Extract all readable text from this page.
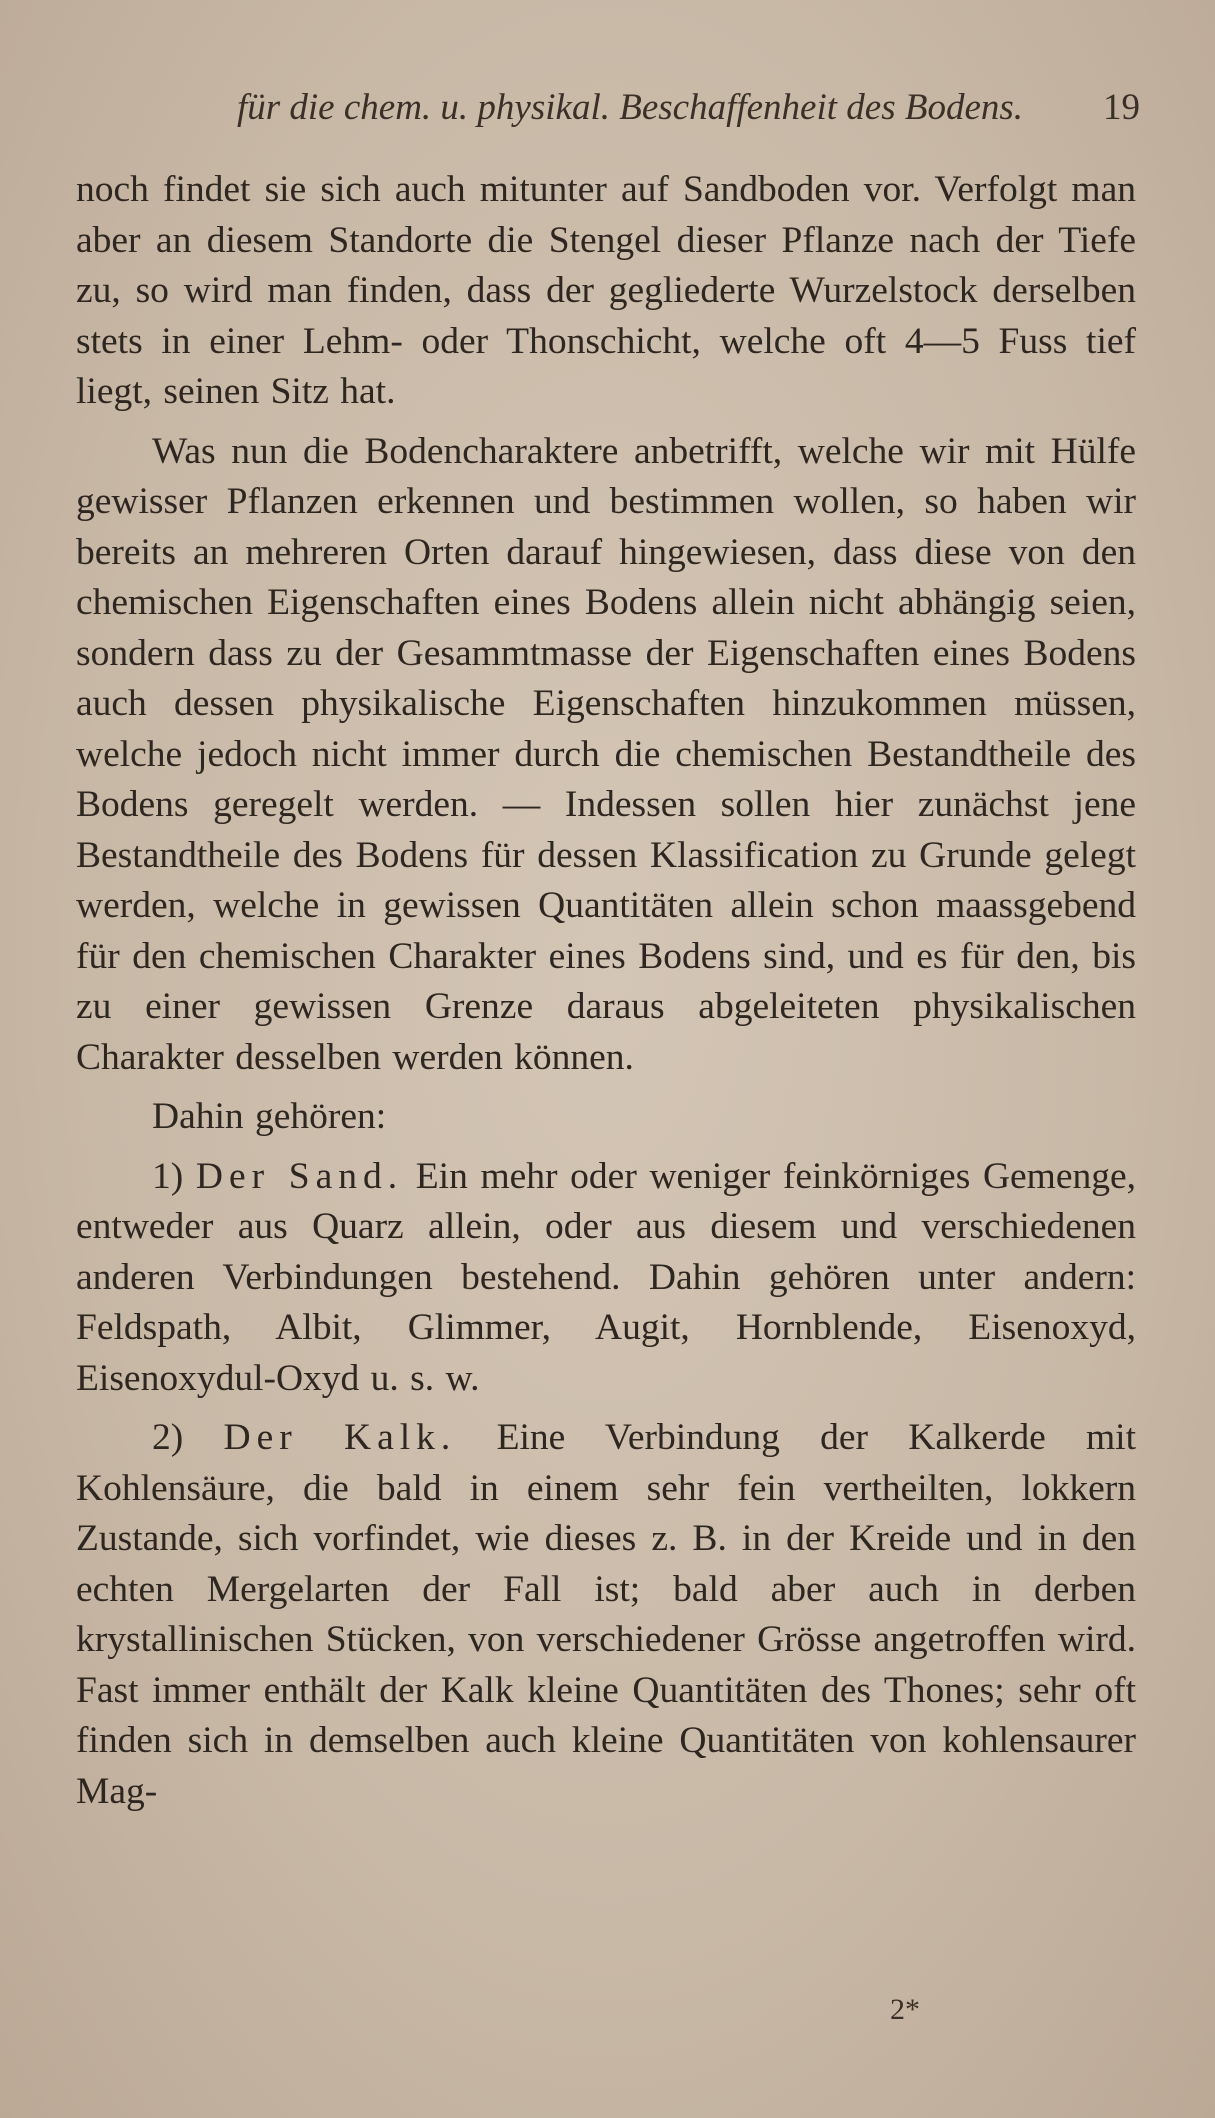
für die chem. u. physikal. Beschaffenheit des Bodens.	19

noch findet sie sich auch mitunter auf Sandboden vor. Verfolgt man aber an diesem Standorte die Stengel dieser Pflanze nach der Tiefe zu, so wird man finden, dass der gegliederte Wurzelstock derselben stets in einer Lehm- oder Thonschicht, welche oft 4—5 Fuss tief liegt, seinen Sitz hat.

Was nun die Bodencharaktere anbetrifft, welche wir mit Hülfe gewisser Pflanzen erkennen und bestimmen wollen, so haben wir bereits an mehreren Orten darauf hingewiesen, dass diese von den chemischen Eigenschaften eines Bodens allein nicht abhängig seien, sondern dass zu der Gesammtmasse der Eigenschaften eines Bodens auch dessen physikalische Eigenschaften hinzukommen müssen, welche jedoch nicht immer durch die chemischen Bestandtheile des Bodens geregelt werden. — Indessen sollen hier zunächst jene Bestandtheile des Bodens für dessen Klassification zu Grunde gelegt werden, welche in gewissen Quantitäten allein schon maassgebend für den chemischen Charakter eines Bodens sind, und es für den, bis zu einer gewissen Grenze daraus abgeleiteten physikalischen Charakter desselben werden können.

Dahin gehören:

1) Der Sand. Ein mehr oder weniger feinkörniges Gemenge, entweder aus Quarz allein, oder aus diesem und verschiedenen anderen Verbindungen bestehend. Dahin gehören unter andern: Feldspath, Albit, Glimmer, Augit, Hornblende, Eisenoxyd, Eisenoxydul-Oxyd u. s. w.

2) Der Kalk. Eine Verbindung der Kalkerde mit Kohlensäure, die bald in einem sehr fein vertheilten, lokkern Zustande, sich vorfindet, wie dieses z. B. in der Kreide und in den echten Mergelarten der Fall ist; bald aber auch in derben krystallinischen Stücken, von verschiedener Grösse angetroffen wird. Fast immer enthält der Kalk kleine Quantitäten des Thones; sehr oft finden sich in demselben auch kleine Quantitäten von kohlensaurer Mag-

2*
